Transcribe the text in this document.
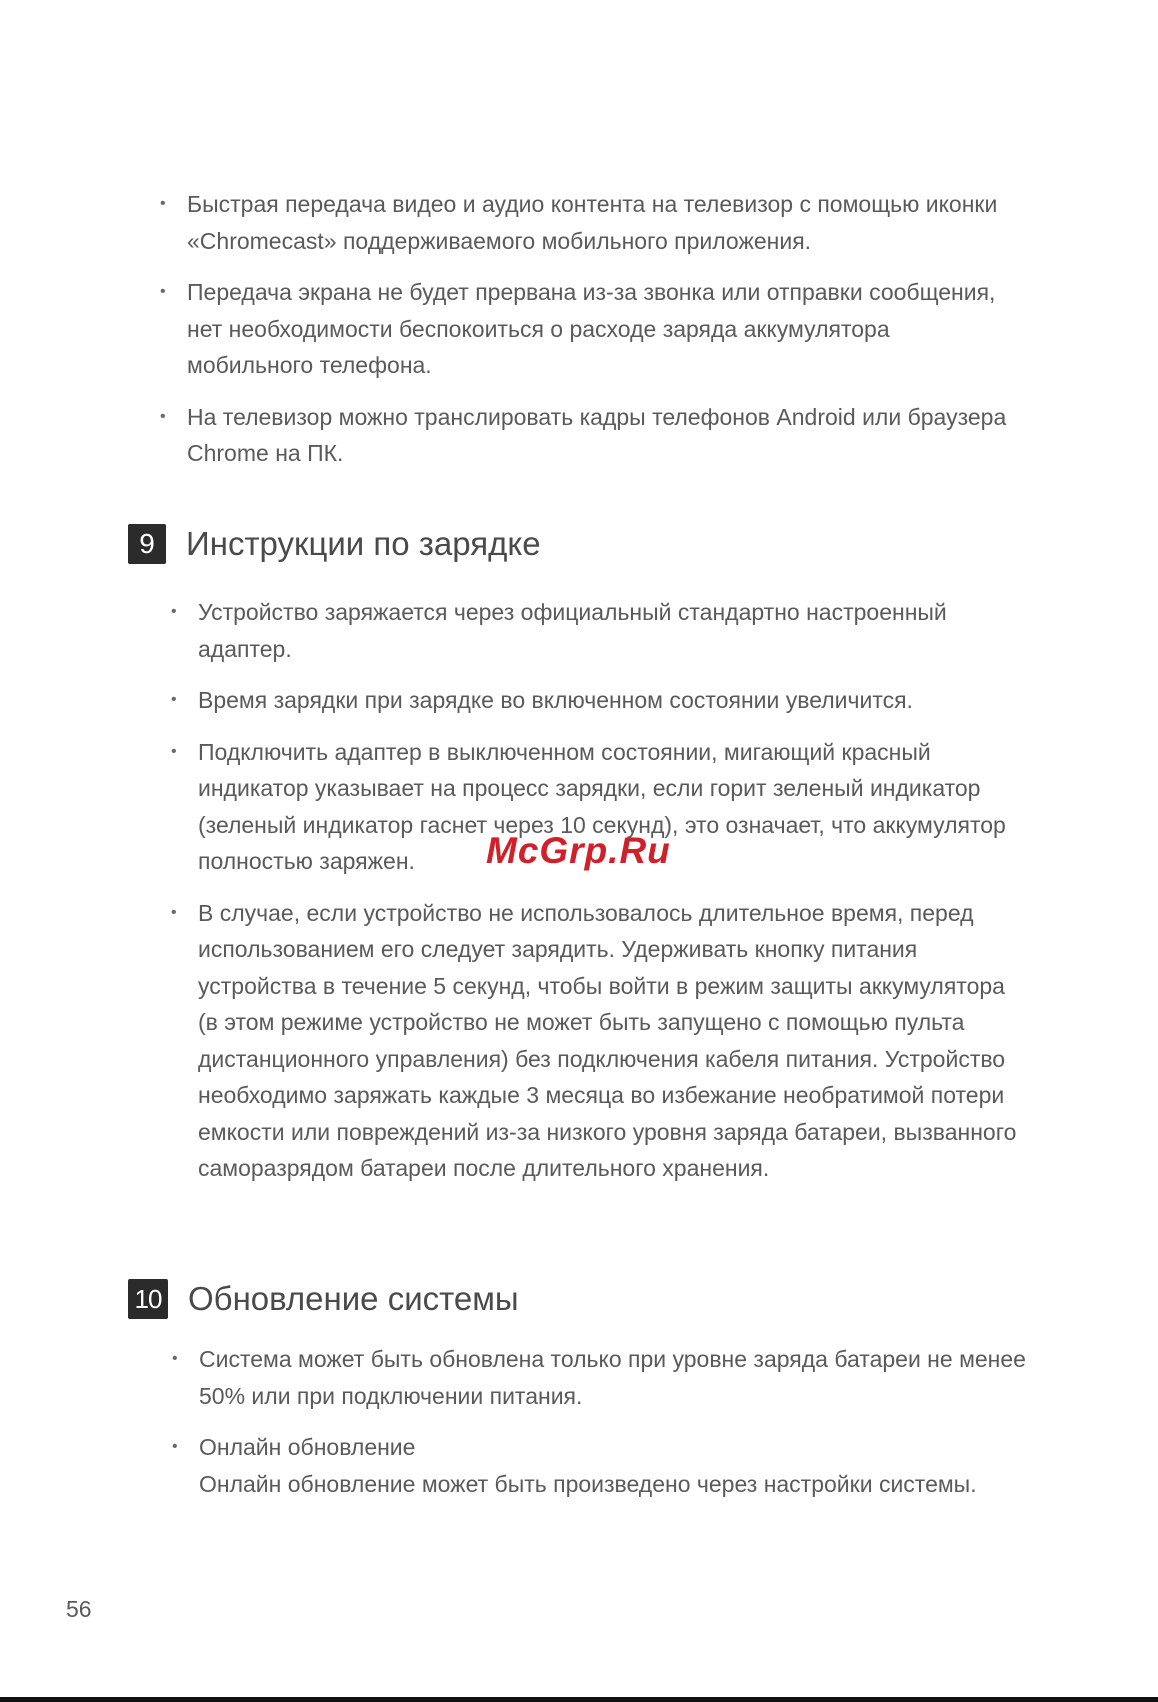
• Быстрая передача видео и аудио контента на телевизор с помощью иконки «Chromecast» поддерживаемого мобильного приложения.
• Передача экрана не будет прервана из-за звонка или отправки сообщения, нет необходимости беспокоиться о расходе заряда аккумулятора мобильного телефона.
• На телевизор можно транслировать кадры телефонов Android или браузера Chrome на ПК.
9 Инструкции по зарядке
• Устройство заряжается через официальный стандартно настроенный адаптер.
• Время зарядки при зарядке во включенном состоянии увеличится.
• Подключить адаптер в выключенном состоянии, мигающий красный индикатор указывает на процесс зарядки, если горит зеленый индикатор (зеленый индикатор гаснет через 10 секунд), это означает, что аккумулятор полностью заряжен.
• В случае, если устройство не использовалось длительное время, перед использованием его следует зарядить. Удерживать кнопку питания устройства в течение 5 секунд, чтобы войти в режим защиты аккумулятора (в этом режиме устройство не может быть запущено с помощью пульта дистанционного управления) без подключения кабеля питания. Устройство необходимо заряжать каждые 3 месяца во избежание необратимой потери емкости или повреждений из-за низкого уровня заряда батареи, вызванного саморазрядом батареи после длительного хранения.
10 Обновление системы
• Система может быть обновлена только при уровне заряда батареи не менее 50% или при подключении питания.
• Онлайн обновление
Онлайн обновление может быть произведено через настройки системы.
McGrp.Ru
56
